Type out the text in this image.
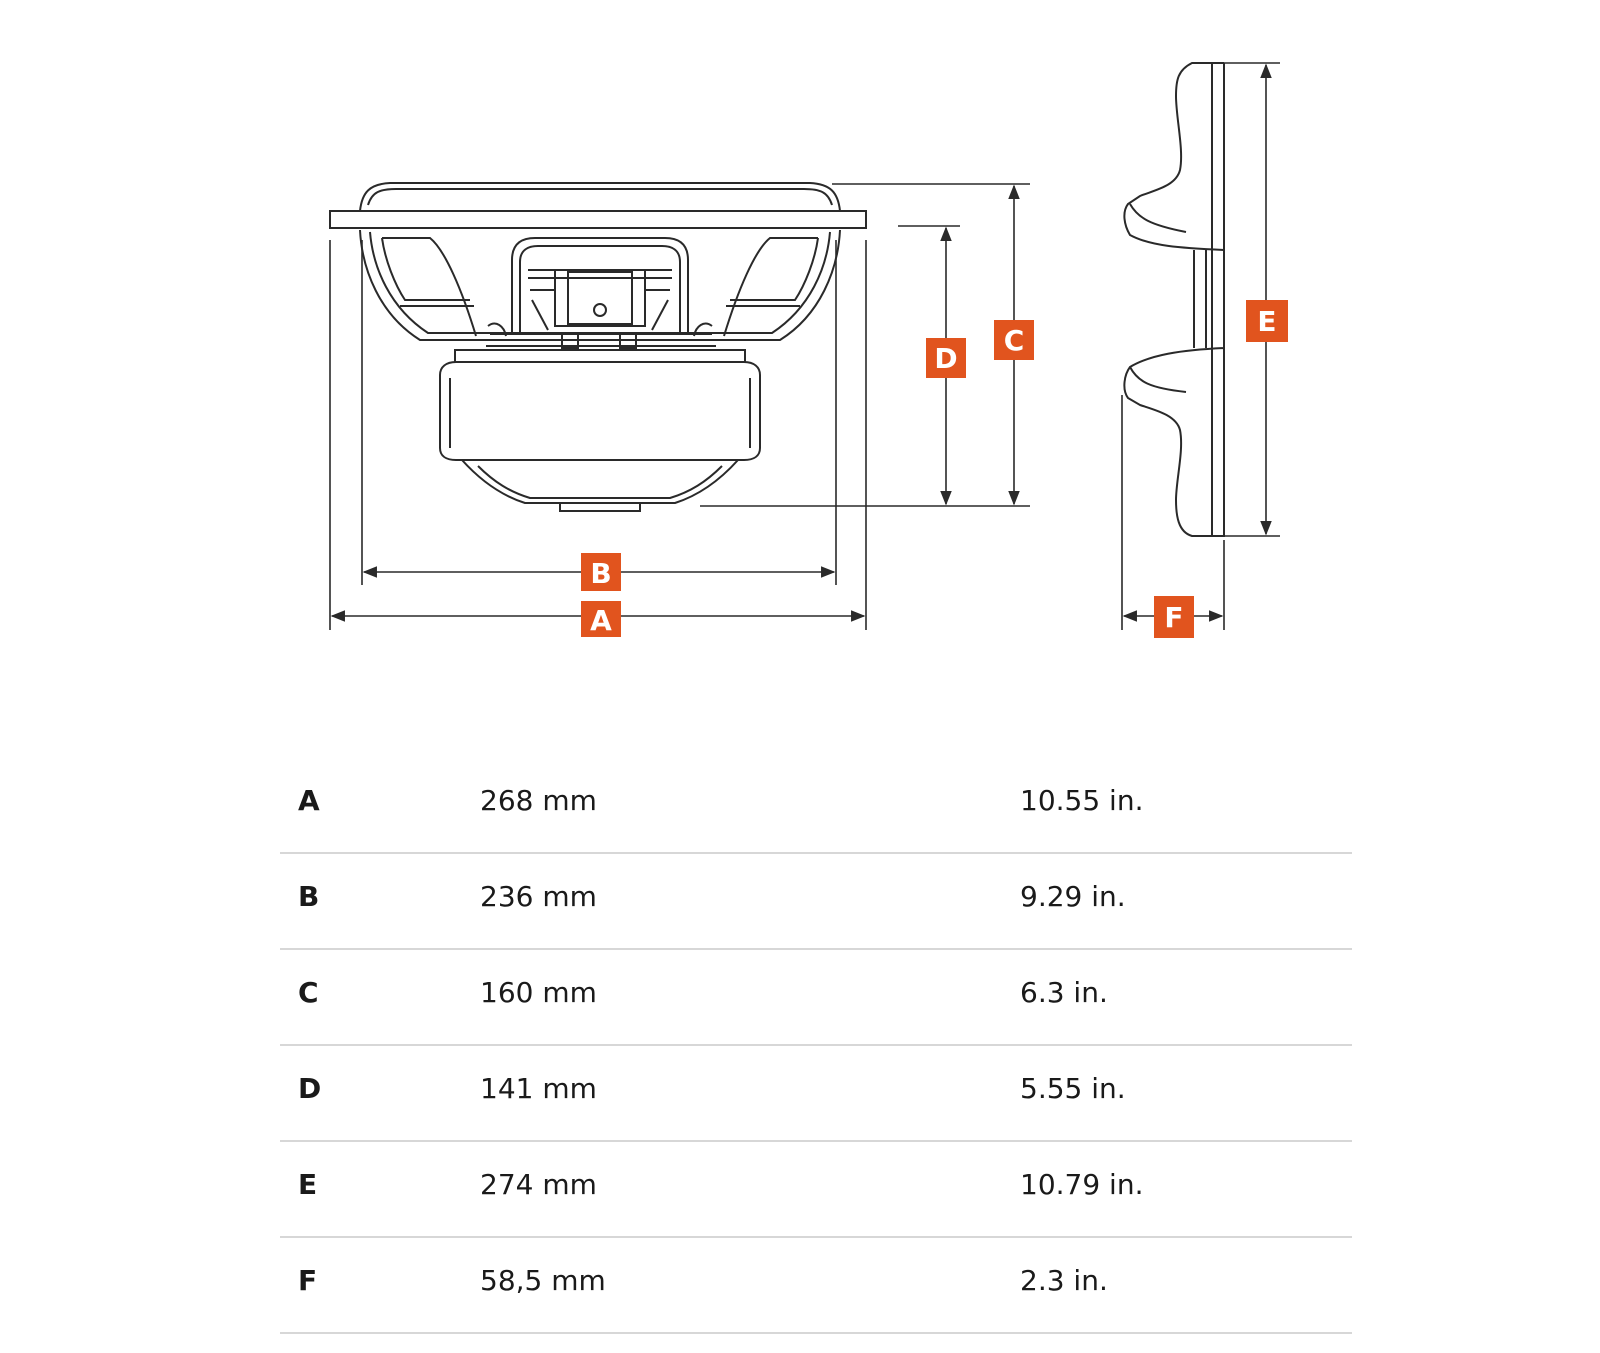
A
B
C
D
E
F
A	268 mm	10.55 in.
B	236 mm	9.29 in.
C	160 mm	6.3 in.
D	141 mm	5.55 in.
E	274 mm	10.79 in.
F	58,5 mm	2.3 in.
